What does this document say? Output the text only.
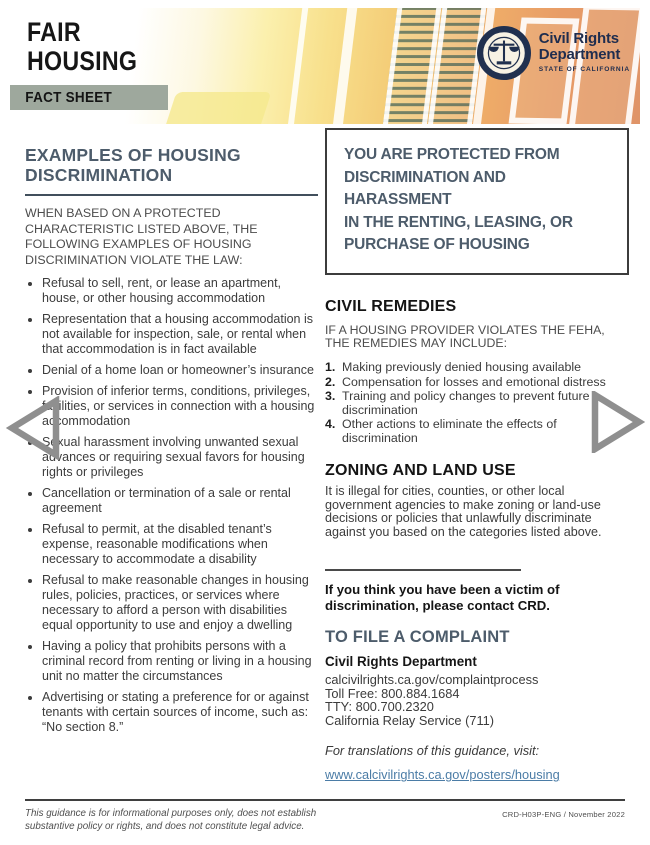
FAIR
HOUSING
FACT SHEET
Civil Rights
Department
STATE OF CALIFORNIA
EXAMPLES OF HOUSING
DISCRIMINATION
WHEN BASED ON A PROTECTED CHARACTERISTIC LISTED ABOVE, THE FOLLOWING EXAMPLES OF HOUSING DISCRIMINATION VIOLATE THE LAW:
• Refusal to sell, rent, or lease an apartment, house, or other housing accommodation
• Representation that a housing accommodation is not available for inspection, sale, or rental when that accommodation is in fact available
• Denial of a home loan or homeowner’s insurance
• Provision of inferior terms, conditions, privileges, facilities, or services in connection with a housing accommodation
• Sexual harassment involving unwanted sexual advances or requiring sexual favors for housing rights or privileges
• Cancellation or termination of a sale or rental agreement
• Refusal to permit, at the disabled tenant’s expense, reasonable modifications when necessary to accommodate a disability
• Refusal to make reasonable changes in housing rules, policies, practices, or services where necessary to afford a person with disabilities equal opportunity to use and enjoy a dwelling
• Having a policy that prohibits persons with a criminal record from renting or living in a housing unit no matter the circumstances
• Advertising or stating a preference for or against tenants with certain sources of income, such as: “No section 8.”
YOU ARE PROTECTED FROM
DISCRIMINATION AND HARASSMENT
IN THE RENTING, LEASING, OR
PURCHASE OF HOUSING
CIVIL REMEDIES
IF A HOUSING PROVIDER VIOLATES THE FEHA, THE REMEDIES MAY INCLUDE:
1. Making previously denied housing available
2. Compensation for losses and emotional distress
3. Training and policy changes to prevent future discrimination
4. Other actions to eliminate the effects of discrimination
ZONING AND LAND USE
It is illegal for cities, counties, or other local government agencies to make zoning or land-use decisions or policies that unlawfully discriminate against you based on the categories listed above.
If you think you have been a victim of discrimination, please contact CRD.
TO FILE A COMPLAINT
Civil Rights Department
calcivilrights.ca.gov/complaintprocess
Toll Free: 800.884.1684
TTY: 800.700.2320
California Relay Service (711)
For translations of this guidance, visit:
www.calcivilrights.ca.gov/posters/housing
This guidance is for informational purposes only, does not establish substantive policy or rights, and does not constitute legal advice.
CRD-H03P-ENG / November 2022
